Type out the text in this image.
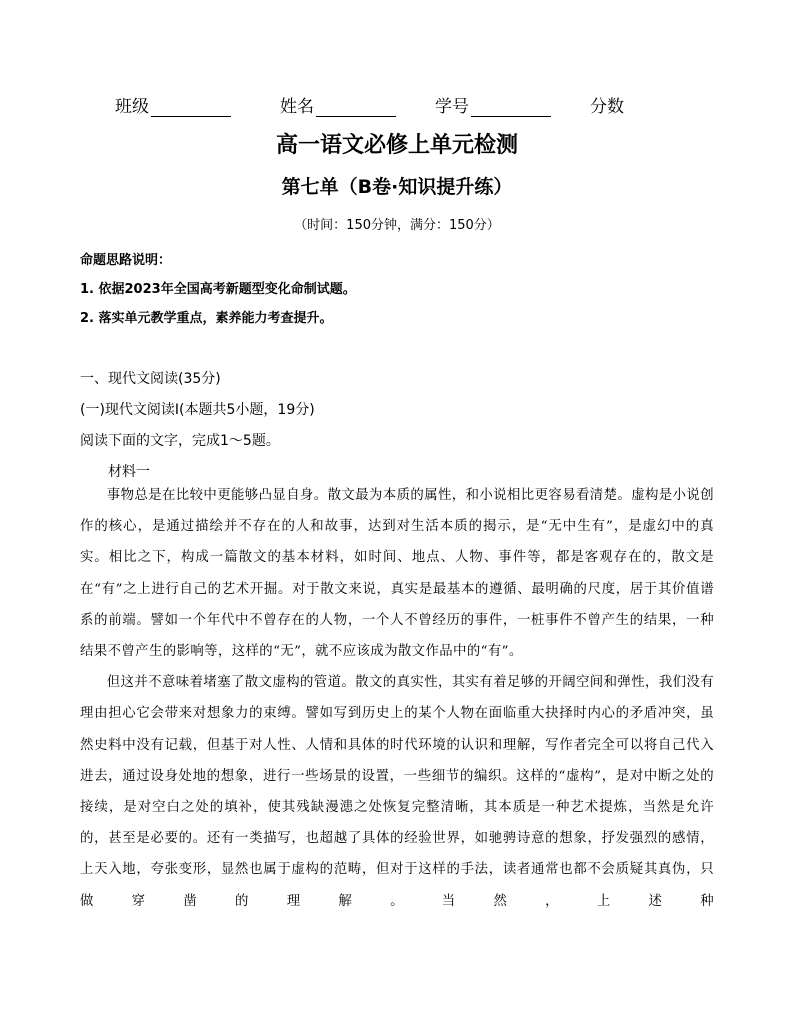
班级	姓名	学号	分数
高一语文必修上单元检测
第七单（B卷·知识提升练）
（时间：150分钟，满分：150分）
命题思路说明：
1. 依据2023年全国高考新题型变化命制试题。
2. 落实单元教学重点，素养能力考查提升。
一、现代文阅读(35分)
(一)现代文阅读Ⅰ(本题共5小题，19分)
阅读下面的文字，完成1～5题。
材料一

事物总是在比较中更能够凸显自身。散文最为本质的属性，和小说相比更容易看清楚。虚构是小说创作的核心，是通过描绘并不存在的人和故事，达到对生活本质的揭示，是“无中生有”，是虚幻中的真实。相比之下，构成一篇散文的基本材料，如时间、地点、人物、事件等，都是客观存在的，散文是在“有”之上进行自己的艺术开掘。对于散文来说，真实是最基本的遵循、最明确的尺度，居于其价值谱系的前端。譬如一个年代中不曾存在的人物，一个人不曾经历的事件，一桩事件不曾产生的结果，一种结果不曾产生的影响等，这样的“无”，就不应该成为散文作品中的“有”。

但这并不意味着堵塞了散文虚构的管道。散文的真实性，其实有着足够的开阔空间和弹性，我们没有理由担心它会带来对想象力的束缚。譬如写到历史上的某个人物在面临重大抉择时内心的矛盾冲突，虽然史料中没有记载，但基于对人性、人情和具体的时代环境的认识和理解，写作者完全可以将自己代入进去，通过设身处地的想象，进行一些场景的设置，一些细节的编织。这样的“虚构”，是对中断之处的接续，是对空白之处的填补，使其残缺漫漶之处恢复完整清晰，其本质是一种艺术提炼，当然是允许的，甚至是必要的。还有一类描写，也超越了具体的经验世界，如驰骋诗意的想象，抒发强烈的感情，上天入地，夸张变形，显然也属于虚构的范畴，但对于这样的手法，读者通常也都不会质疑其真伪，只做穿凿的理解。当然，上述种
